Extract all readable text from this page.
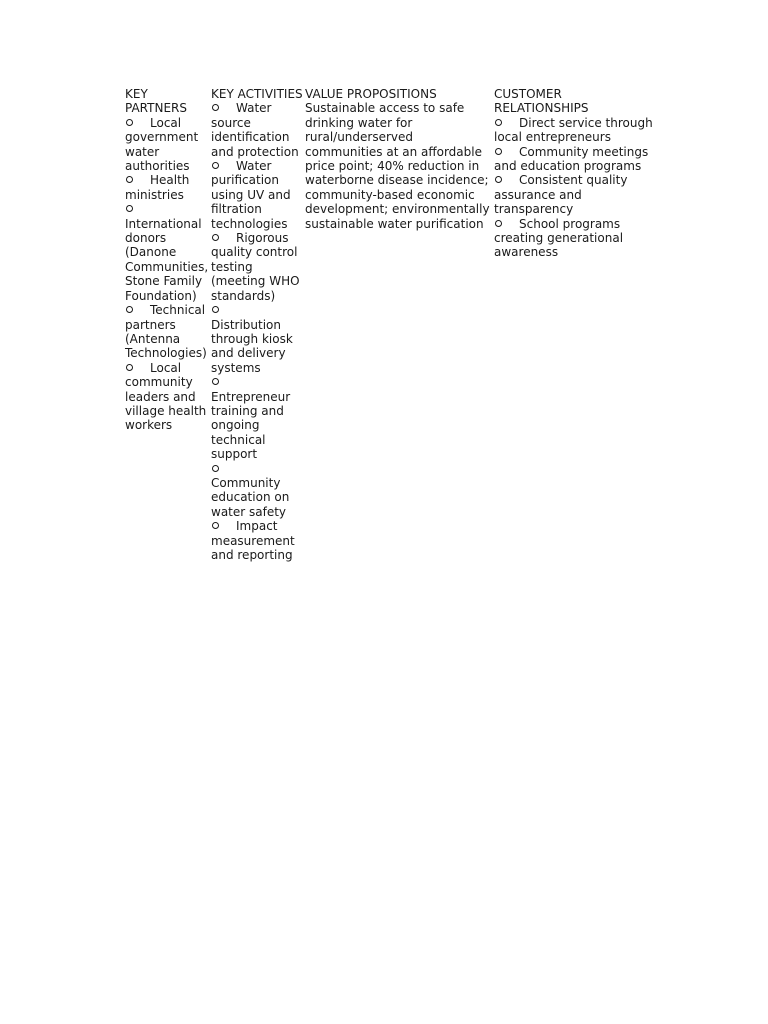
KEY PARTNERS
Local government water authorities
Health ministries
International donors (Danone Communities, Stone Family Foundation)
Technical partners (Antenna Technologies)
Local community leaders and village health workers
KEY ACTIVITIES
Water source identification and protection
Water purification using UV and filtration technologies
Rigorous quality control testing (meeting WHO standards)
Distribution through kiosk and delivery systems
Entrepreneur training and ongoing technical support
Community education on water safety
Impact measurement and reporting
VALUE PROPOSITIONS
Sustainable access to safe drinking water for rural/underserved communities at an affordable price point; 40% reduction in waterborne disease incidence; community-based economic development; environmentally sustainable water purification
CUSTOMER RELATIONSHIPS
Direct service through local entrepreneurs
Community meetings and education programs
Consistent quality assurance and transparency
School programs creating generational awareness
